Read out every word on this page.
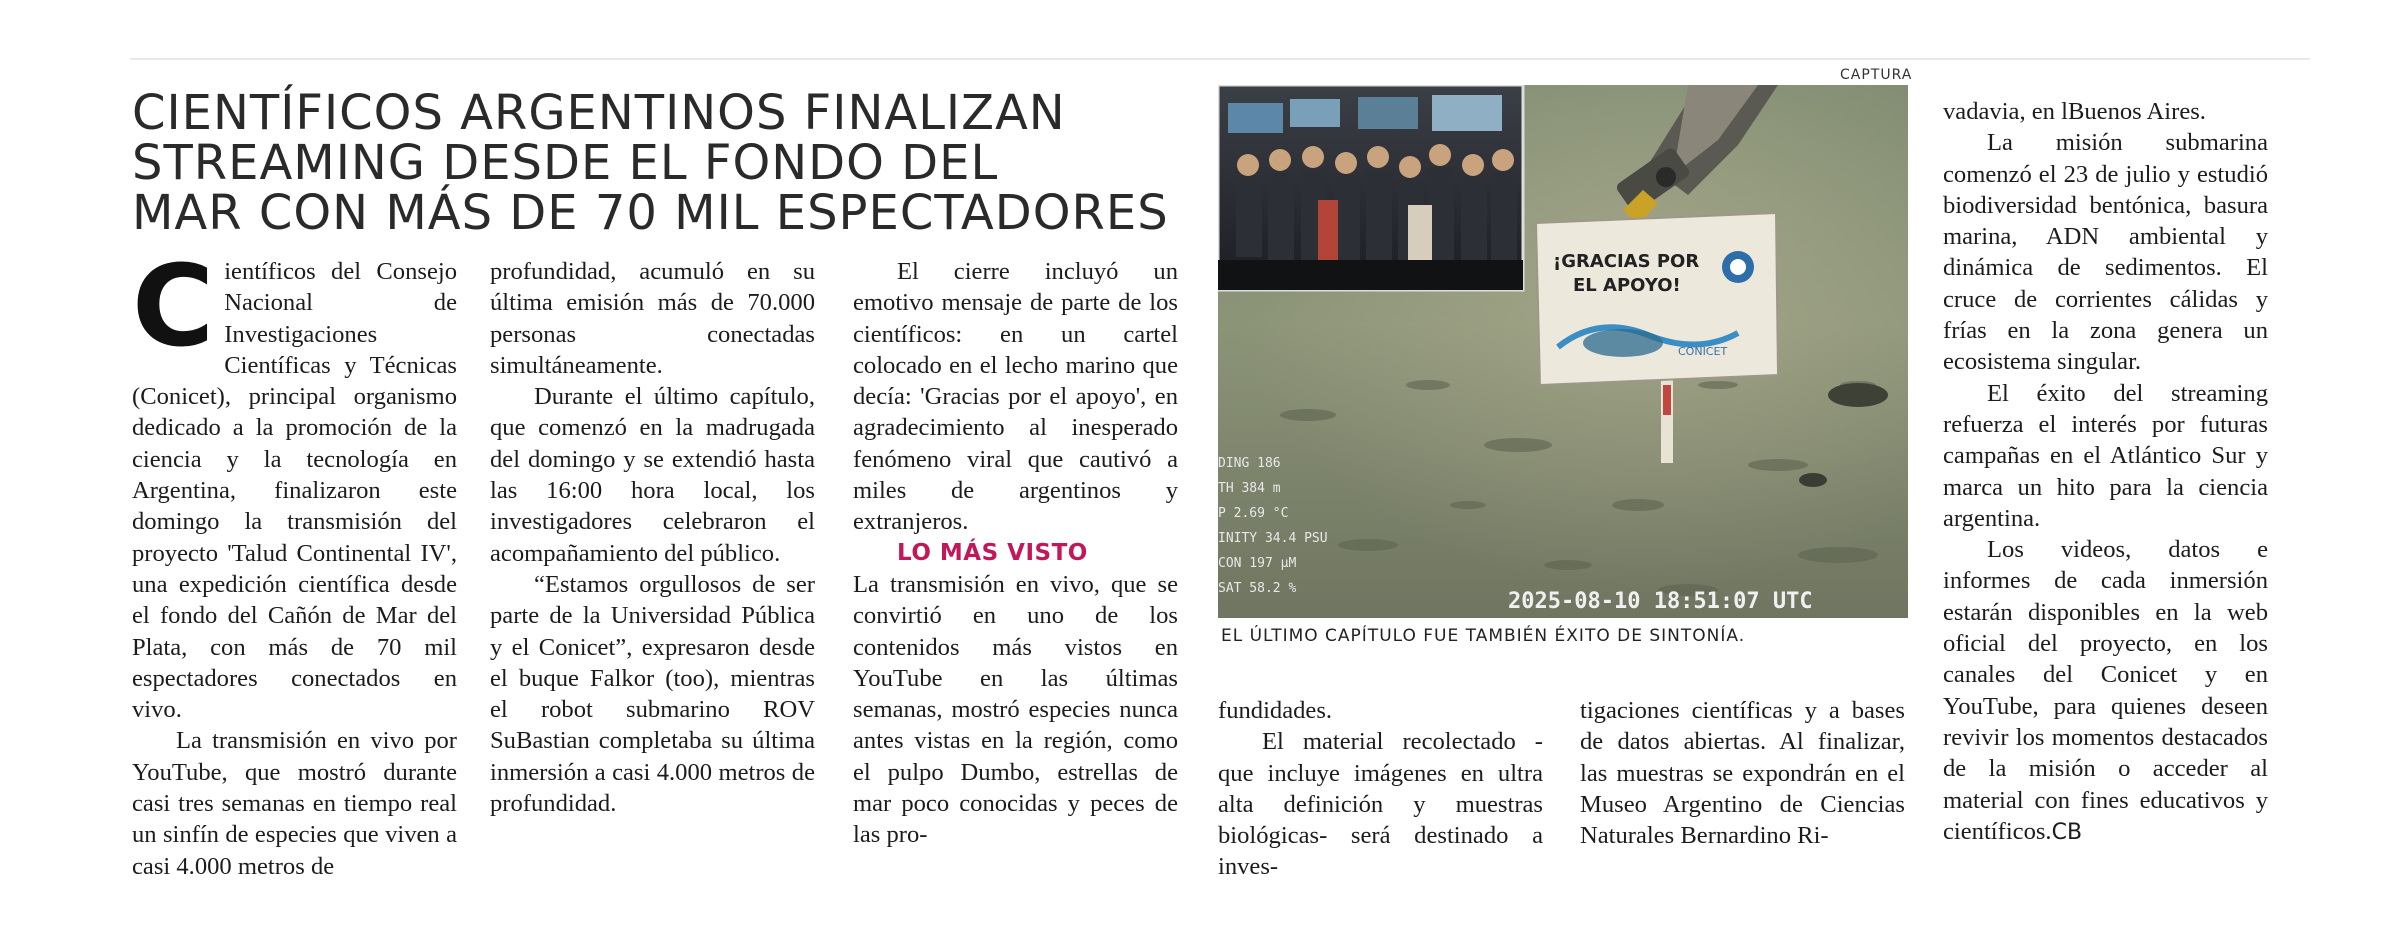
CIENTÍFICOS ARGENTINOS FINALIZAN
STREAMING DESDE EL FONDO DEL
MAR CON MÁS DE 70 MIL ESPECTADORES

Científicos del Consejo Nacional de Investigaciones Científicas y Técnicas (Conicet), principal organismo dedicado a la promoción de la ciencia y la tecnología en Argentina, finalizaron este domingo la transmisión del proyecto 'Talud Continental IV', una expedición científica desde el fondo del Cañón de Mar del Plata, con más de 70 mil espectadores conectados en vivo.

La transmisión en vivo por YouTube, que mostró durante casi tres semanas en tiempo real un sinfín de especies que viven a casi 4.000 metros de

profundidad, acumuló en su última emisión más de 70.000 personas conectadas simultáneamente.

Durante el último capítulo, que comenzó en la madrugada del domingo y se extendió hasta las 16:00 hora local, los investigadores celebraron el acompañamiento del público.

“Estamos orgullosos de ser parte de la Universidad Pública y el Conicet”, expresaron desde el buque Falkor (too), mientras el robot submarino ROV SuBastian completaba su última inmersión a casi 4.000 metros de profundidad.

El cierre incluyó un emotivo mensaje de parte de los científicos: en un cartel colocado en el lecho marino que decía: 'Gracias por el apoyo', en agradecimiento al inesperado fenómeno viral que cautivó a miles de argentinos y extranjeros.

LO MÁS VISTO

La transmisión en vivo, que se convirtió en uno de los contenidos más vistos en YouTube en las últimas semanas, mostró especies nunca antes vistas en la región, como el pulpo Dumbo, estrellas de mar poco conocidas y peces de las pro-

CAPTURA
¡GRACIAS POR
EL APOYO!
CONICET
DING 186
TH 384 m
P 2.69 °C
INITY 34.4 PSU
CON 197 µM
SAT 58.2 %
2025-08-10 18:51:07 UTC
EL ÚLTIMO CAPÍTULO FUE TAMBIÉN ÉXITO DE SINTONÍA.

fundidades.

El material recolectado - que incluye imágenes en ultra alta definición y muestras biológicas- será destinado a inves-

tigaciones científicas y a bases de datos abiertas. Al finalizar, las muestras se expondrán en el Museo Argentino de Ciencias Naturales Bernardino Ri-

vadavia, en lBuenos Aires.

La misión submarina comenzó el 23 de julio y estudió biodiversidad bentónica, basura marina, ADN ambiental y dinámica de sedimentos. El cruce de corrientes cálidas y frías en la zona genera un ecosistema singular.

El éxito del streaming refuerza el interés por futuras campañas en el Atlántico Sur y marca un hito para la ciencia argentina.

Los videos, datos e informes de cada inmersión estarán disponibles en la web oficial del proyecto, en los canales del Conicet y en YouTube, para quienes deseen revivir los momentos destacados de la misión o acceder al material con fines educativos y científicos.CB
